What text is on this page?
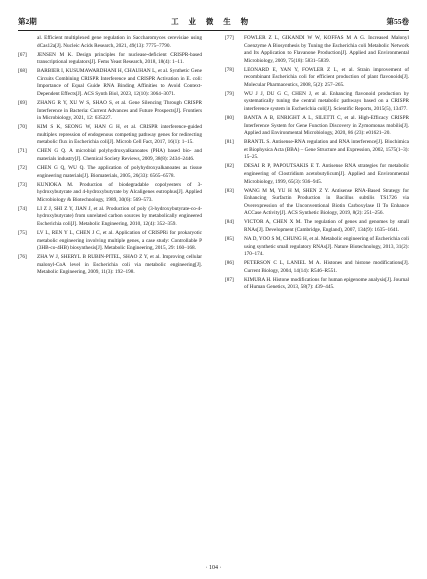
第2期	工 业 微 生 物	第55卷
al. Efficient multiplexed gene regulation in Saccharomyces cerevisiae using dCas12a[J]. Nucleic Acids Research, 2021, 49(13): 7775–7790.
[67]	JENSEN M K. Design principles for nuclease-deficient CRISPR-based transcriptional regulators[J]. Fems Yeast Research, 2018, 18(4): 1–11.
[68]	BARBIER I, KUSUMAWARDHANI H, CHAUHAN L, et al. Synthetic Gene Circuits Combining CRISPR Interference and CRISPR Activation in E. coli: Importance of Equal Guide RNA Binding Affinities to Avoid Context-Dependent Effects[J]. ACS Synth Biol, 2023, 12(10): 3064–3071.
[69]	ZHANG R Y, XU W S, SHAO S, et al. Gene Silencing Through CRISPR Interference in Bacteria: Current Advances and Future Prospects[J]. Frontiers in Microbiology, 2021, 12: 635227.
[70]	KIM S K, SEONG W, HAN G H, et al. CRISPR interference-guided multiplex repression of endogenous competing pathway genes for redirecting metabolic flux in Escherichia coli[J]. Microb Cell Fact, 2017, 16(1): 1–15.
[71]	CHEN G Q. A microbial polyhydroxyalkanoates (PHA) based bio- and materials industry[J]. Chemical Society Reviews, 2009, 38(8): 2434–2446.
[72]	CHEN G Q, WU Q. The application of polyhydroxyalkanoates as tissue engineering materials[J]. Biomaterials, 2005, 26(33): 6565–6578.
[73]	KUNIOKA M. Production of biodegradable copolyesters of 3-hydroxybutyrate and 4-hydroxybutyrate by Alcaligenes eutrophus[J]. Applied Microbiology & Biotechnology, 1989, 30(6): 569–573.
[74]	LI Z J, SHI Z Y, JIAN J, et al. Production of poly (3-hydroxybutyrate-co-4-hydroxybutyrate) from unrelated carbon sources by metabolically engineered Escherichia coli[J]. Metabolic Engineering, 2010, 12(4): 352–359.
[75]	LV L, REN Y L, CHEN J C, et al. Application of CRISPRi for prokaryotic metabolic engineering involving multiple genes, a case study: Controllable P (3HB-co-4HB) biosynthesis[J]. Metabolic Engineering, 2015, 29: 160–168.
[76]	ZHA W J, SHERYL B RUBIN-PITEL, SHAO Z Y, et al. Improving cellular malonyl-CoA level in Escherichia coli via metabolic engineering[J]. Metabolic Engineering, 2009, 11(3): 192–198.
[77]	FOWLER Z L, GIKANDI W W, KOFFAS M A G. Increased Malonyl Coenzyme A Biosynthesis by Tuning the Escherichia coli Metabolic Network and Its Application to Flavanone Production[J]. Applied and Environmental Microbiology, 2009, 75(18): 5831–5839.
[78]	LEONARD E, YAN Y, FOWLER Z L, et al. Strain improvement of recombinant Escherichia coli for efficient production of plant flavonoids[J]. Molecular Pharmaceutics, 2008, 5(2): 257–265.
[79]	WU J J, DU G C, CHEN J, et al. Enhancing flavonoid production by systematically tuning the central metabolic pathways based on a CRISPR interference system in Escherichia coli[J]. Scientific Reports, 2015(5), 13477.
[80]	BANTA A B, ENRIGHT A L, SILETTI C, et al. High-Efficacy CRISPR Interference System for Gene Function Discovery in Zymomonas mobilis[J]. Applied and Environmental Microbiology, 2020, 86 (23): e01621–20.
[81]	BRANTL S. Antisense-RNA regulation and RNA interference[J]. Biochimica et Biophysica Acta (BBA) – Gene Structure and Expression, 2002, 1575(1–3): 15–25.
[82]	DESAI R P, PAPOUTSAKIS E T. Antisense RNA strategies for metabolic engineering of Clostridium acetobutylicum[J]. Applied and Environmental Microbiology, 1999, 65(3): 936–945.
[83]	WANG M M, YU H M, SHEN Z Y. Antisense RNA-Based Strategy for Enhancing Surfactin Production in Bacillus subtilis TS1726 via Overexpression of the Unconventional Biotin Carboxylase II To Enhance ACCase Activity[J]. ACS Synthetic Biology, 2019, 8(2): 251–256.
[84]	VICTOR A, CHEN X M. The regulation of genes and genomes by small RNAs[J]. Development (Cambridge, England), 2007, 134(9): 1635–1641.
[85]	NA D, YOO S M, CHUNG H, et al. Metabolic engineering of Escherichia coli using synthetic small regulatory RNAs[J]. Nature Biotechnology, 2013, 31(2): 170–174.
[86]	PETERSON C L, LANIEL M A. Histones and histone modifications[J]. Current Biology, 2004, 14(14): R546–R551.
[87]	KIMURA H. Histone modifications for human epigenome analysis[J]. Journal of Human Genetics, 2013, 58(7): 439–445.
· 104 ·
